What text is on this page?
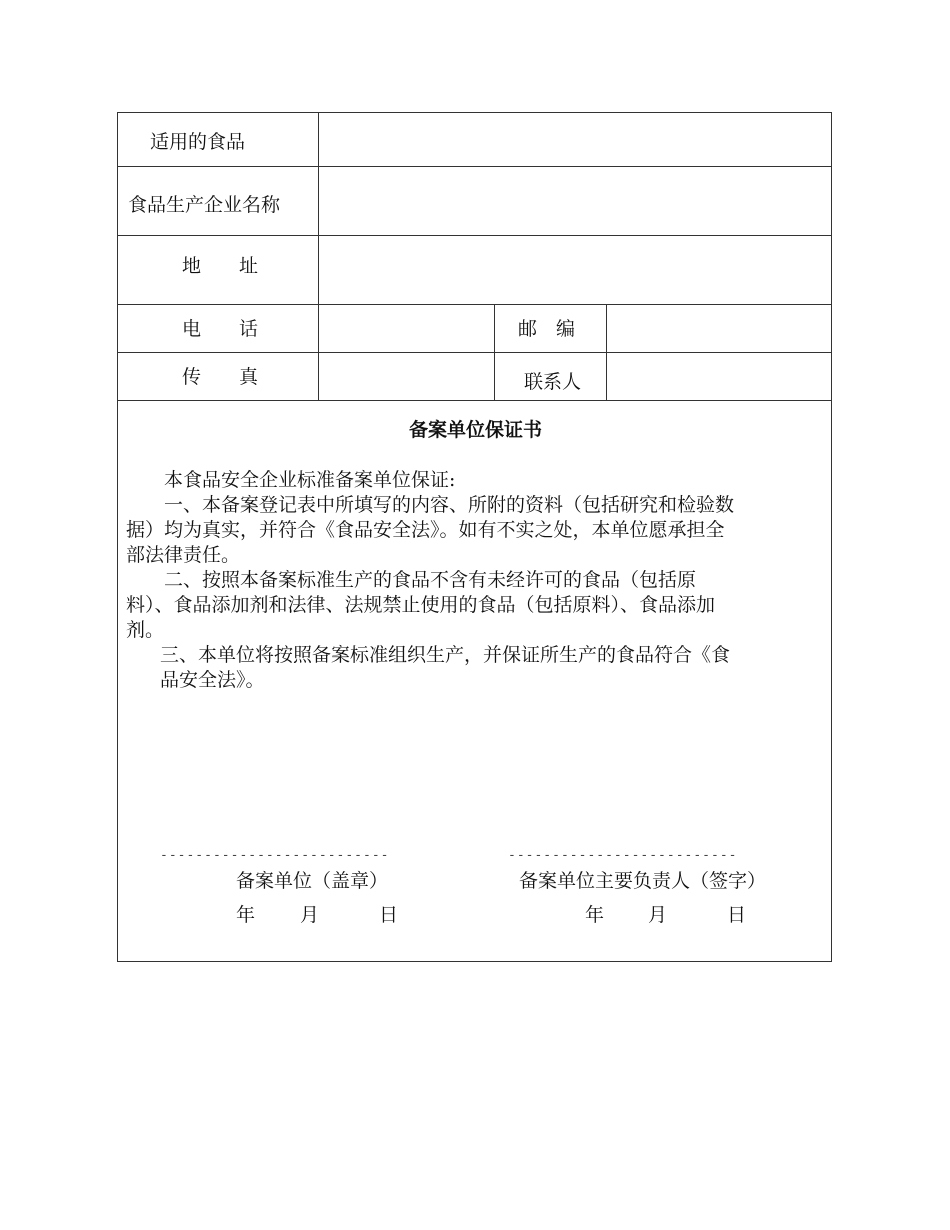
适用的食品
食品生产企业名称
地　　址
电　　话	邮　编
传　　真	联系人
备案单位保证书
本食品安全企业标准备案单位保证:
一、本备案登记表中所填写的内容、所附的资料（包括研究和检验数
据）均为真实，并符合《食品安全法》。如有不实之处，本单位愿承担全
部法律责任。
二、按照本备案标准生产的食品不含有未经许可的食品（包括原
料）、食品添加剂和法律、法规禁止使用的食品（包括原料）、食品添加
剂。
三、本单位将按照备案标准组织生产，并保证所生产的食品符合《食
品安全法》。
--------------------------	--------------------------
备案单位（盖章）	备案单位主要负责人（签字）
年 月	日	年 月	日
